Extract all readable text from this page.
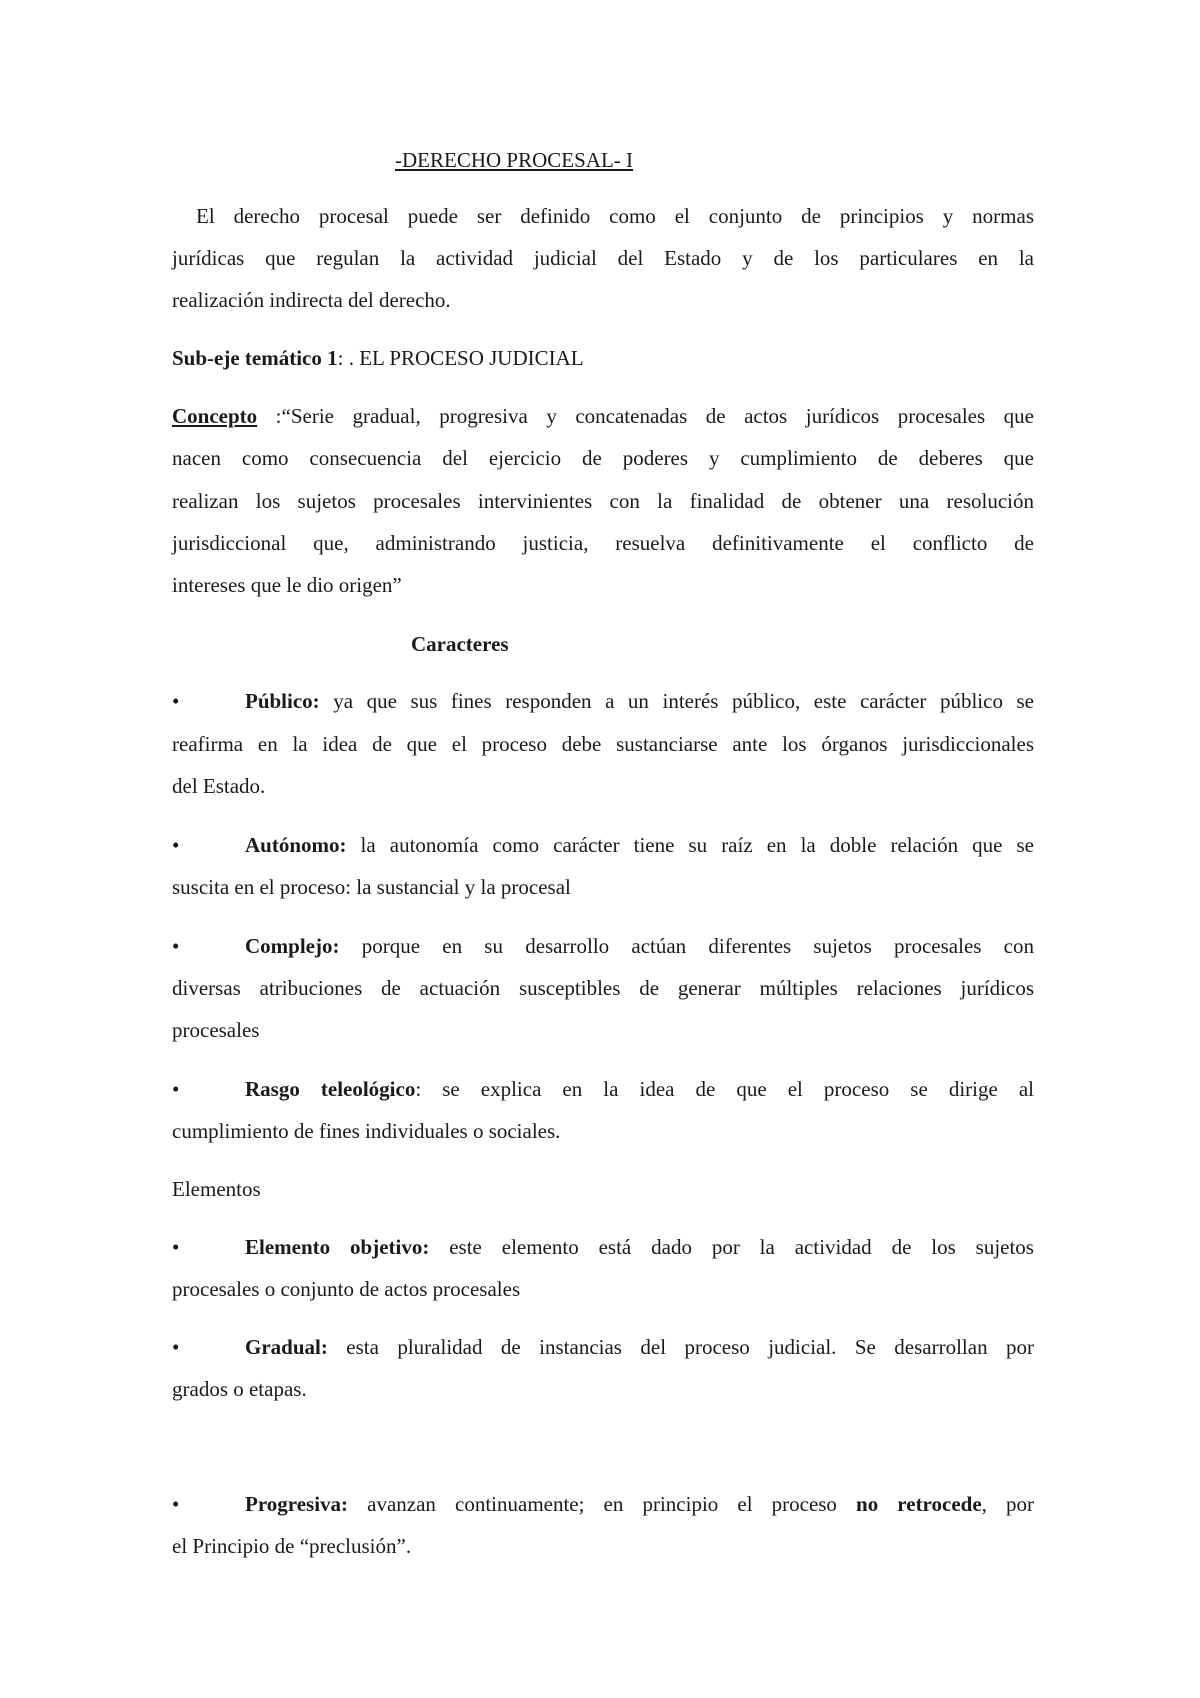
-DERECHO PROCESAL- I
El derecho procesal puede ser definido como el conjunto de principios y normas
jurídicas que regulan la actividad judicial del Estado y de los particulares en la
realización indirecta del derecho.
Sub-eje temático 1: . EL PROCESO JUDICIAL
Concepto :“Serie gradual, progresiva y concatenadas de actos jurídicos procesales que
nacen como consecuencia del ejercicio de poderes y cumplimiento de deberes que
realizan los sujetos procesales intervinientes con la finalidad de obtener una resolución
jurisdiccional que, administrando justicia, resuelva definitivamente el conflicto de
intereses que le dio origen”
Caracteres
•	Público: ya que sus fines responden a un interés público, este carácter público se
reafirma en la idea de que el proceso debe sustanciarse ante los órganos jurisdiccionales
del Estado.
•	Autónomo: la autonomía como carácter tiene su raíz en la doble relación que se
suscita en el proceso: la sustancial y la procesal
•	Complejo: porque en su desarrollo actúan diferentes sujetos procesales con
diversas atribuciones de actuación susceptibles de generar múltiples relaciones jurídicos
procesales
•	Rasgo teleológico: se explica en la idea de que el proceso se dirige al
cumplimiento de fines individuales o sociales.
Elementos
•	Elemento objetivo: este elemento está dado por la actividad de los sujetos
procesales o conjunto de actos procesales
•	Gradual: esta pluralidad de instancias del proceso judicial. Se desarrollan por
grados o etapas.
•	Progresiva: avanzan continuamente; en principio el proceso no retrocede, por
el Principio de “preclusión”.
